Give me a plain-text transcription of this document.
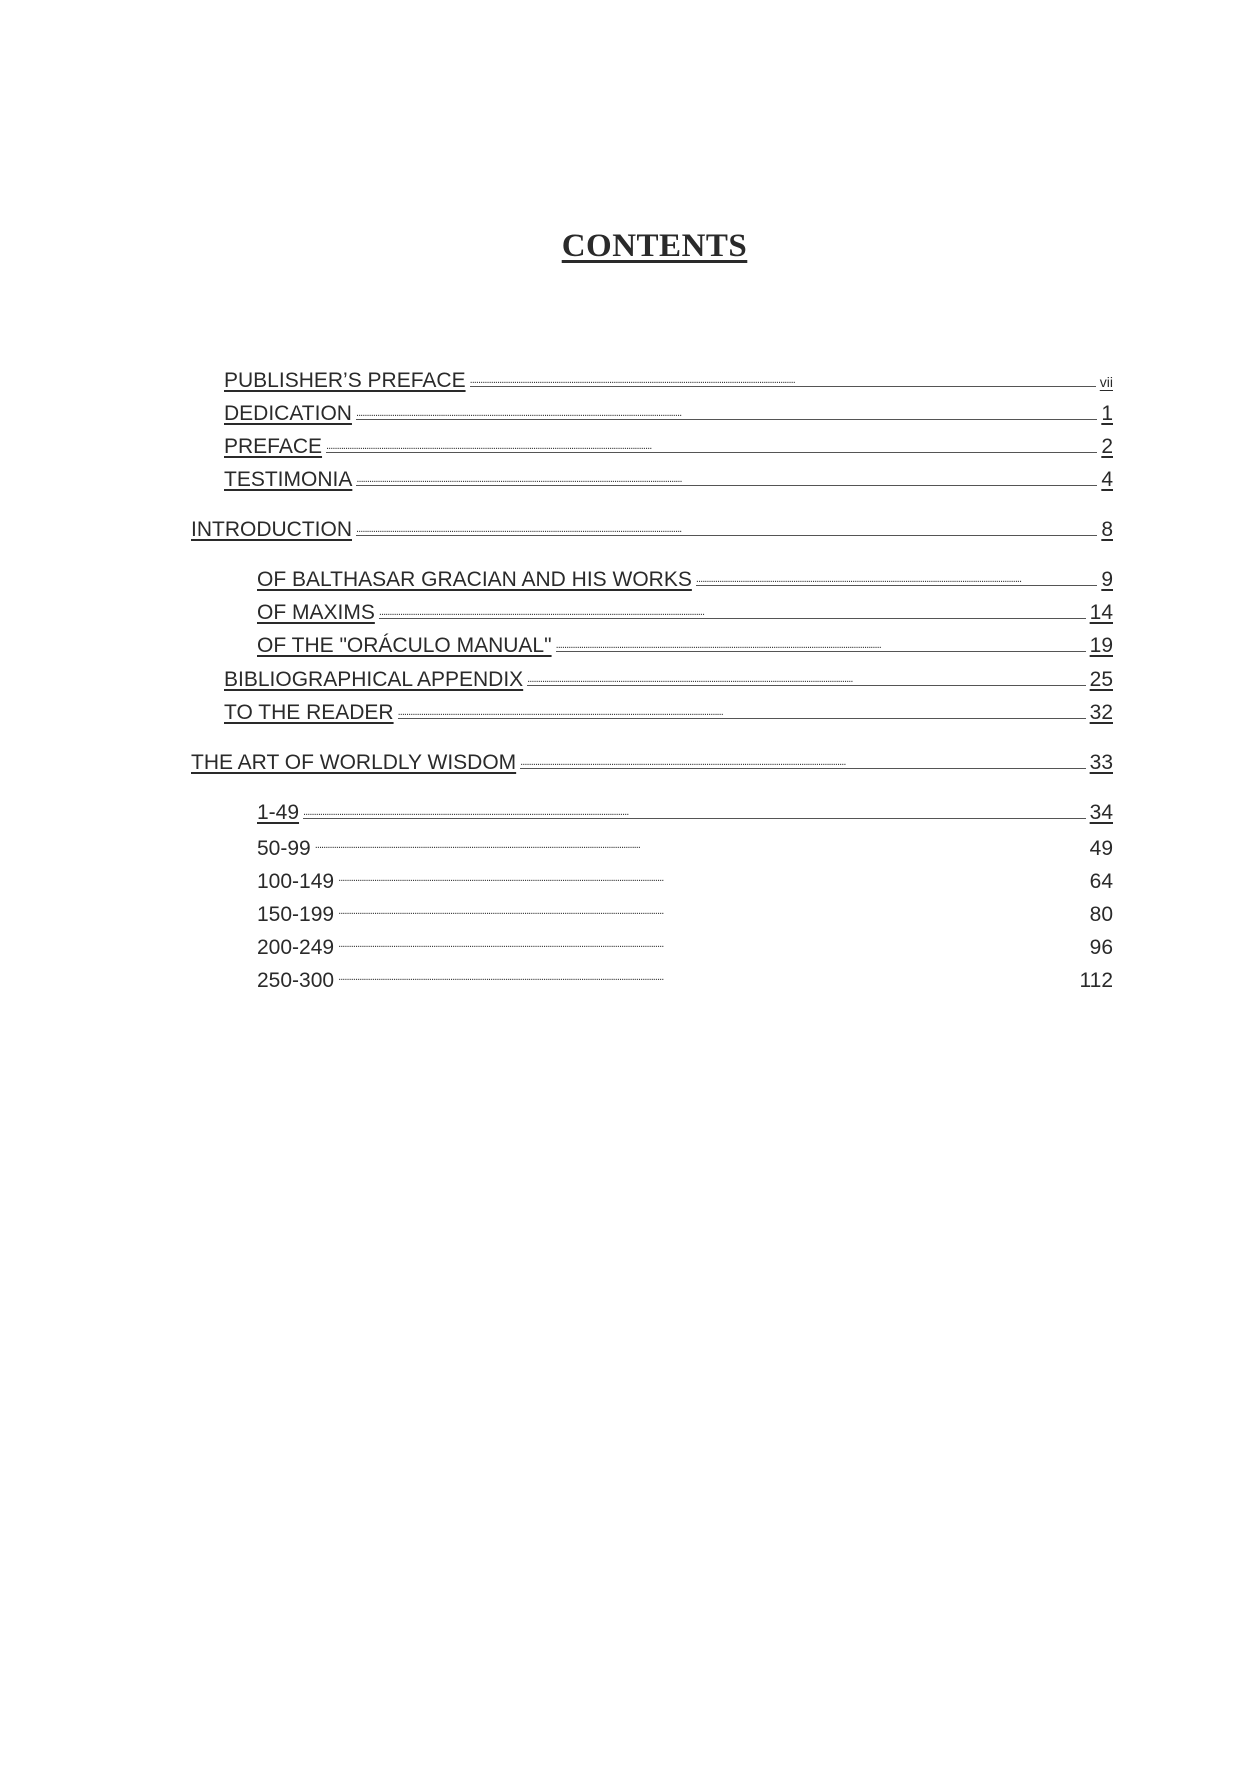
CONTENTS
PUBLISHER’S PREFACE . . .	vii
DEDICATION . . .	1
PREFACE . . .	2
TESTIMONIA . . .	4
INTRODUCTION . . .	8
OF BALTHASAR GRACIAN AND HIS WORKS . . .	9
OF MAXIMS . . .	14
OF THE "ORÁCULO MANUAL" . . .	19
BIBLIOGRAPHICAL APPENDIX . . .	25
TO THE READER . . .	32
THE ART OF WORLDLY WISDOM . . .	33
1-49 . . .	34
50-99 . . .	49
100-149 . . .	64
150-199 . . .	80
200-249 . . .	96
250-300 . . .	112
